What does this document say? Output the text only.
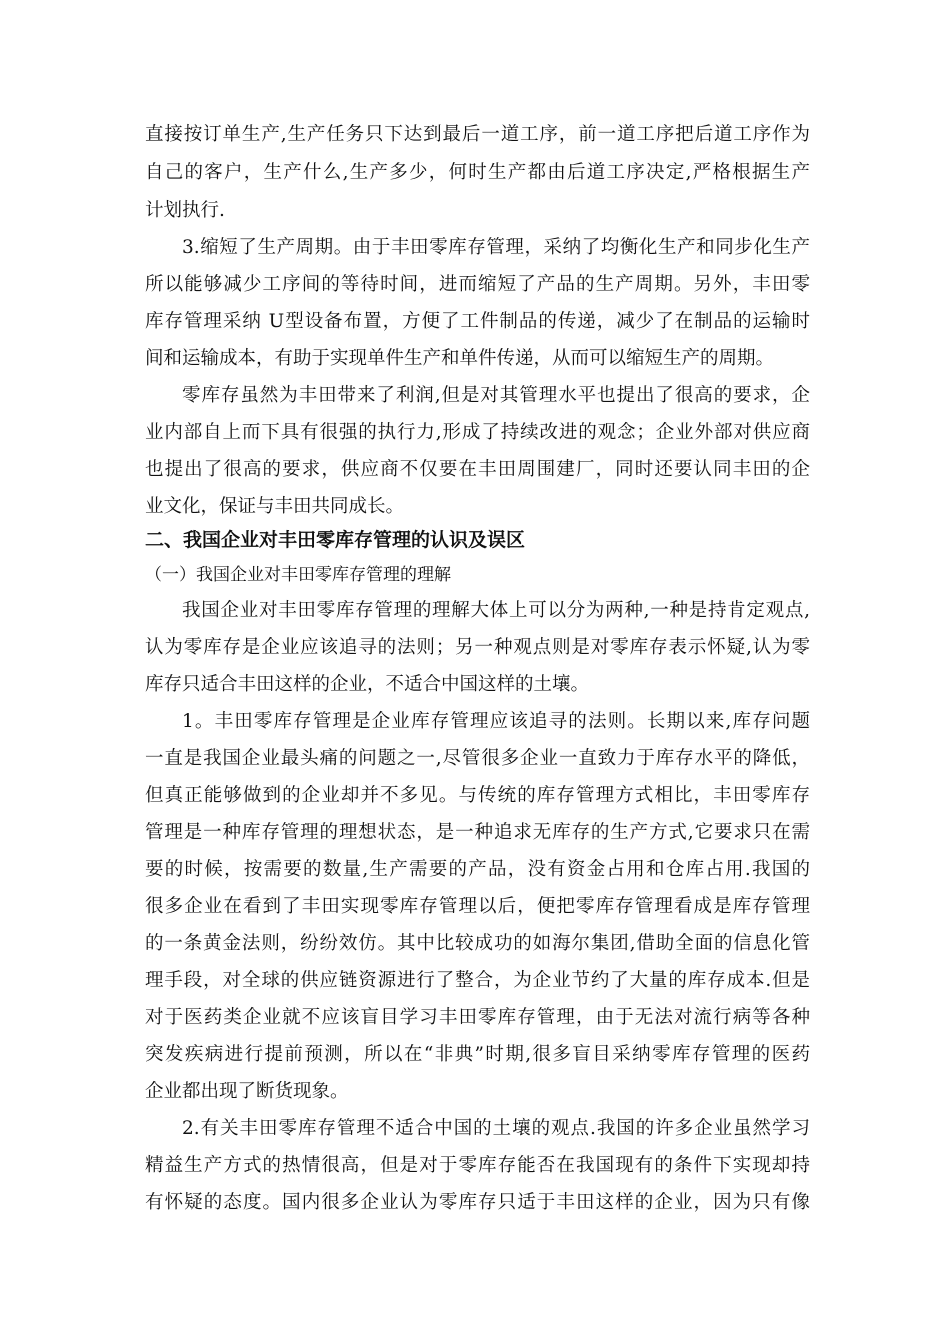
直接按订单生产,生产任务只下达到最后一道工序，前一道工序把后道工序作为
自己的客户，生产什么,生产多少，何时生产都由后道工序决定,严格根据生产
计划执行.
3.缩短了生产周期。由于丰田零库存管理，采纳了均衡化生产和同步化生产
所以能够减少工序间的等待时间，进而缩短了产品的生产周期。另外，丰田零
库存管理采纳 U型设备布置，方便了工件制品的传递，减少了在制品的运输时
间和运输成本，有助于实现单件生产和单件传递，从而可以缩短生产的周期。
零库存虽然为丰田带来了利润,但是对其管理水平也提出了很高的要求，企
业内部自上而下具有很强的执行力,形成了持续改进的观念；企业外部对供应商
也提出了很高的要求，供应商不仅要在丰田周围建厂，同时还要认同丰田的企
业文化，保证与丰田共同成长。
二、我国企业对丰田零库存管理的认识及误区
（一）我国企业对丰田零库存管理的理解
我国企业对丰田零库存管理的理解大体上可以分为两种,一种是持肯定观点,
认为零库存是企业应该追寻的法则；另一种观点则是对零库存表示怀疑,认为零
库存只适合丰田这样的企业，不适合中国这样的土壤。
1。丰田零库存管理是企业库存管理应该追寻的法则。长期以来,库存问题
一直是我国企业最头痛的问题之一,尽管很多企业一直致力于库存水平的降低，
但真正能够做到的企业却并不多见。与传统的库存管理方式相比，丰田零库存
管理是一种库存管理的理想状态，是一种追求无库存的生产方式,它要求只在需
要的时候，按需要的数量,生产需要的产品，没有资金占用和仓库占用.我国的
很多企业在看到了丰田实现零库存管理以后，便把零库存管理看成是库存管理
的一条黄金法则，纷纷效仿。其中比较成功的如海尔集团,借助全面的信息化管
理手段，对全球的供应链资源进行了整合，为企业节约了大量的库存成本.但是
对于医药类企业就不应该盲目学习丰田零库存管理，由于无法对流行病等各种
突发疾病进行提前预测，所以在“非典”时期,很多盲目采纳零库存管理的医药
企业都出现了断货现象。
2.有关丰田零库存管理不适合中国的土壤的观点.我国的许多企业虽然学习
精益生产方式的热情很高，但是对于零库存能否在我国现有的条件下实现却持
有怀疑的态度。国内很多企业认为零库存只适于丰田这样的企业，因为只有像
